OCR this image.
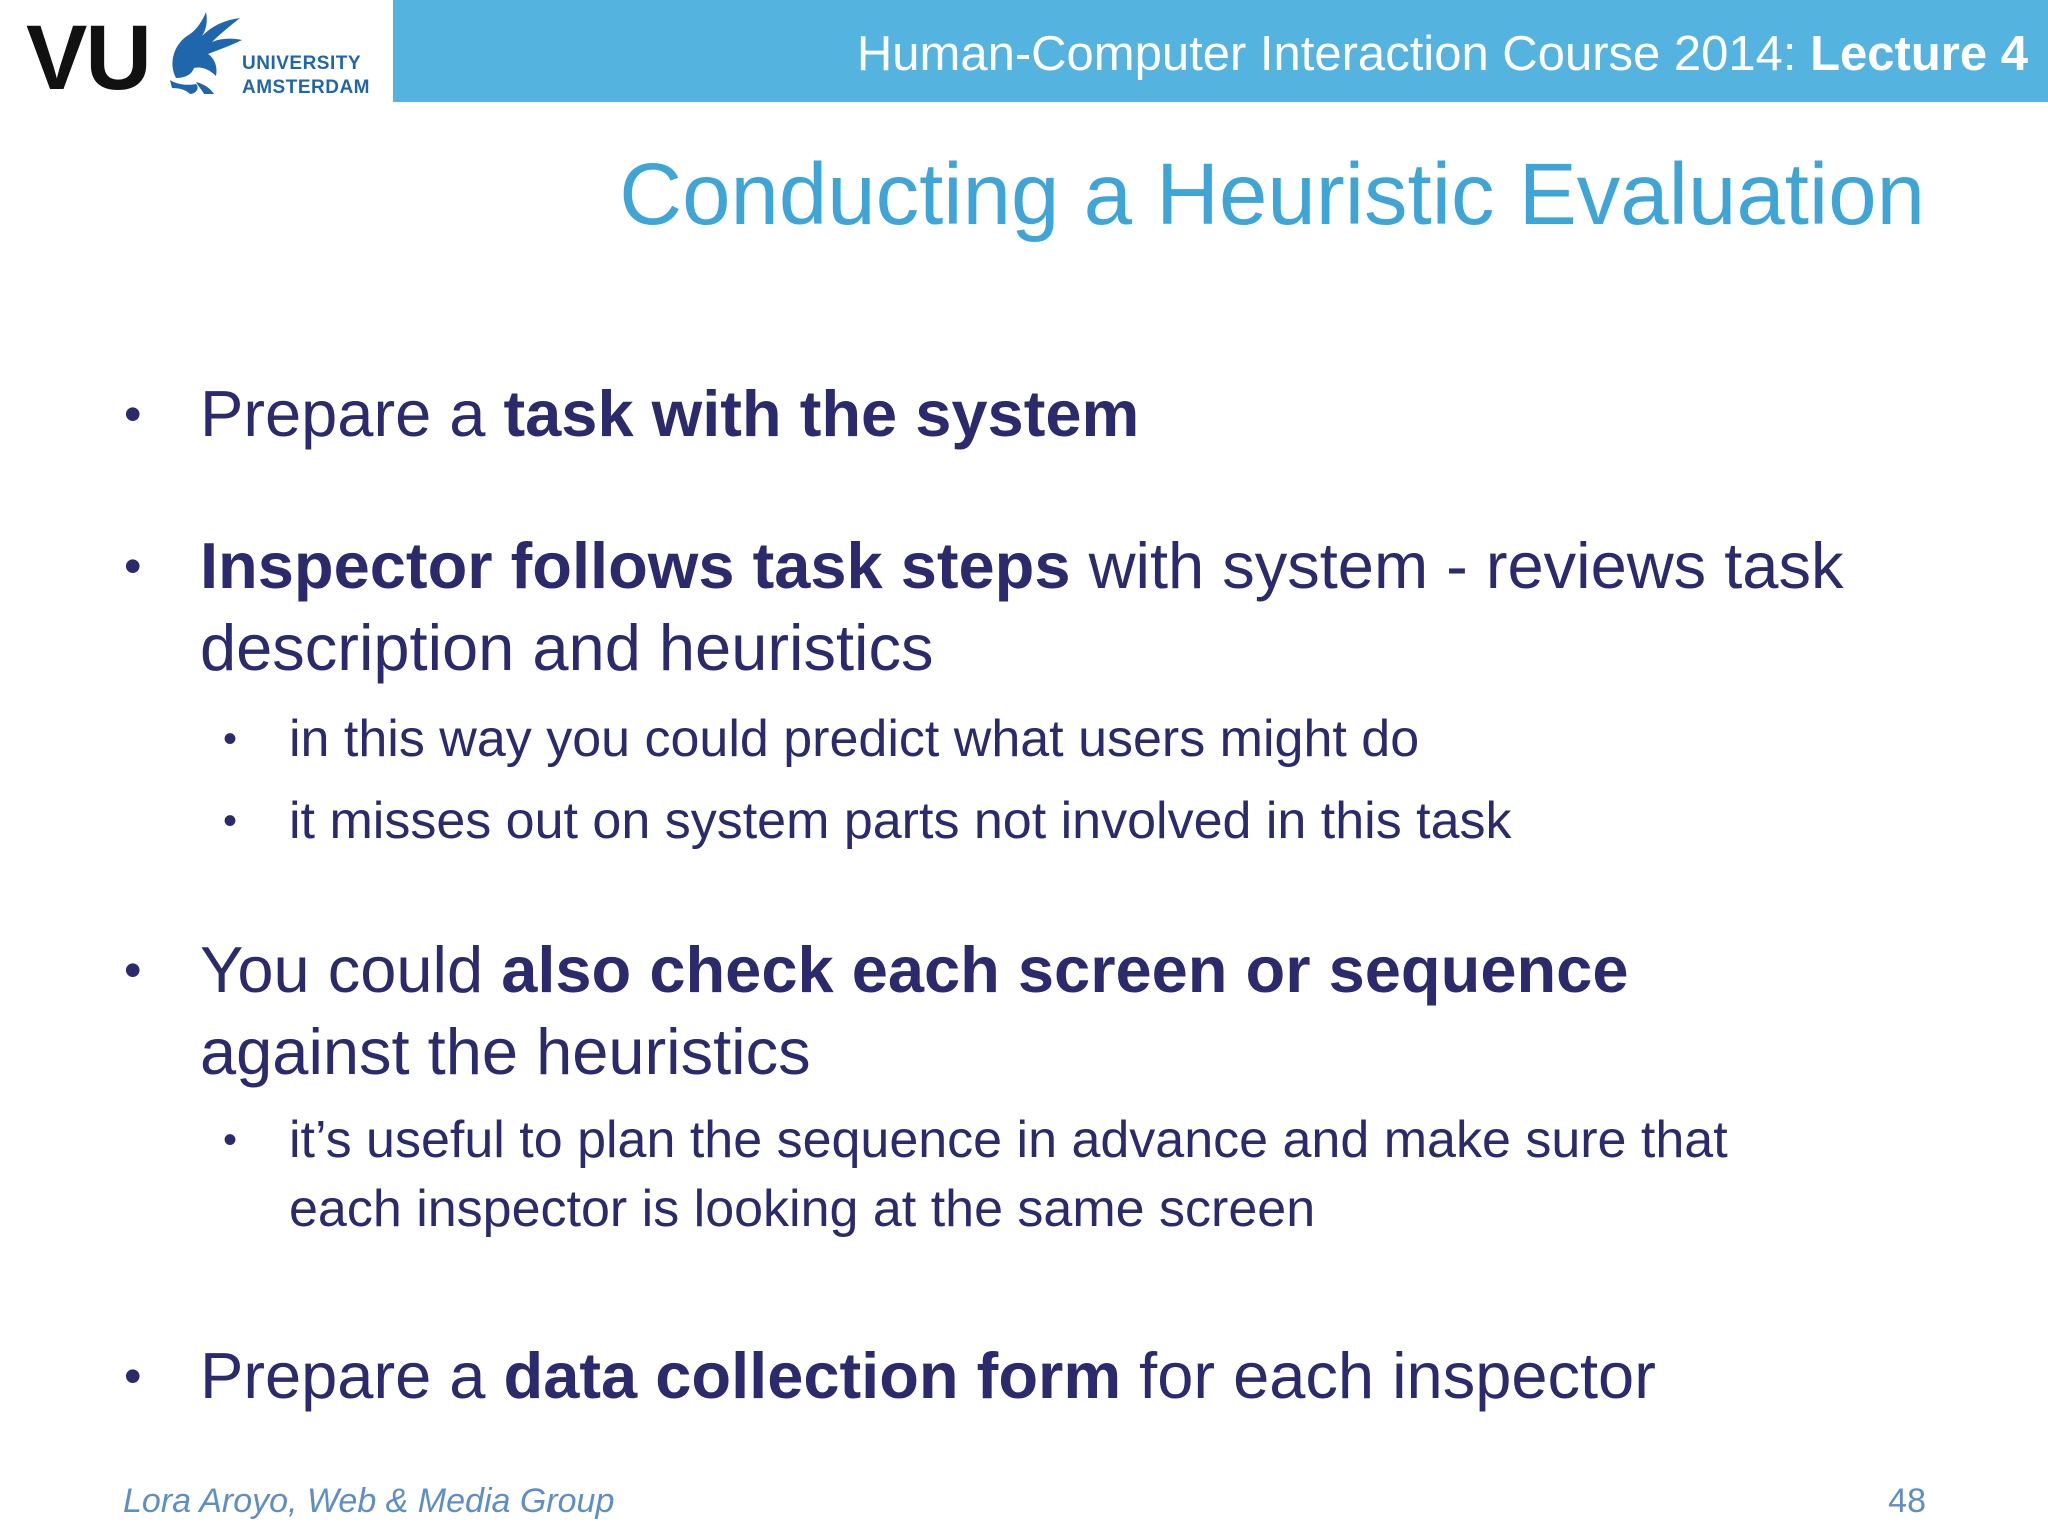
VU	UNIVERSITY
AMSTERDAM
Human-Computer Interaction Course 2014: Lecture 4
Conducting a Heuristic Evaluation
• Prepare a task with the system
• Inspector follows task steps with system - reviews task
description and heuristics
• in this way you could predict what users might do
• it misses out on system parts not involved in this task
• You could also check each screen or sequence
against the heuristics
• it’s useful to plan the sequence in advance and make sure that
each inspector is looking at the same screen
• Prepare a data collection form for each inspector
Lora Aroyo, Web & Media Group	48
